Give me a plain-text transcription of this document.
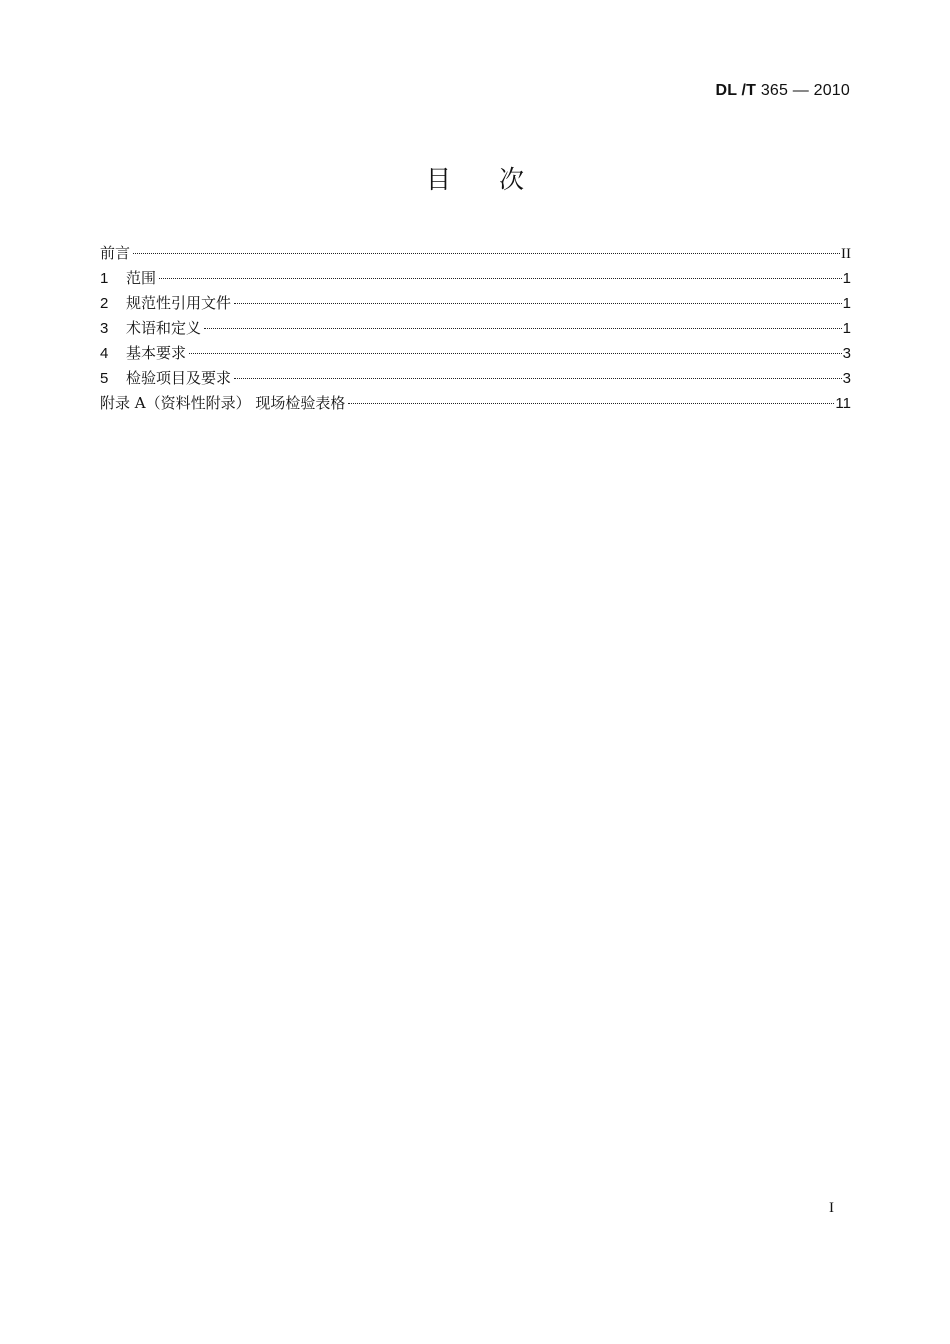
DL /T 365 — 2010
目 次
前言	II
1	范围	1
2	规范性引用文件	1
3	术语和定义	1
4	基本要求	3
5	检验项目及要求	3
附录 A（资料性附录） 现场检验表格	11
I
